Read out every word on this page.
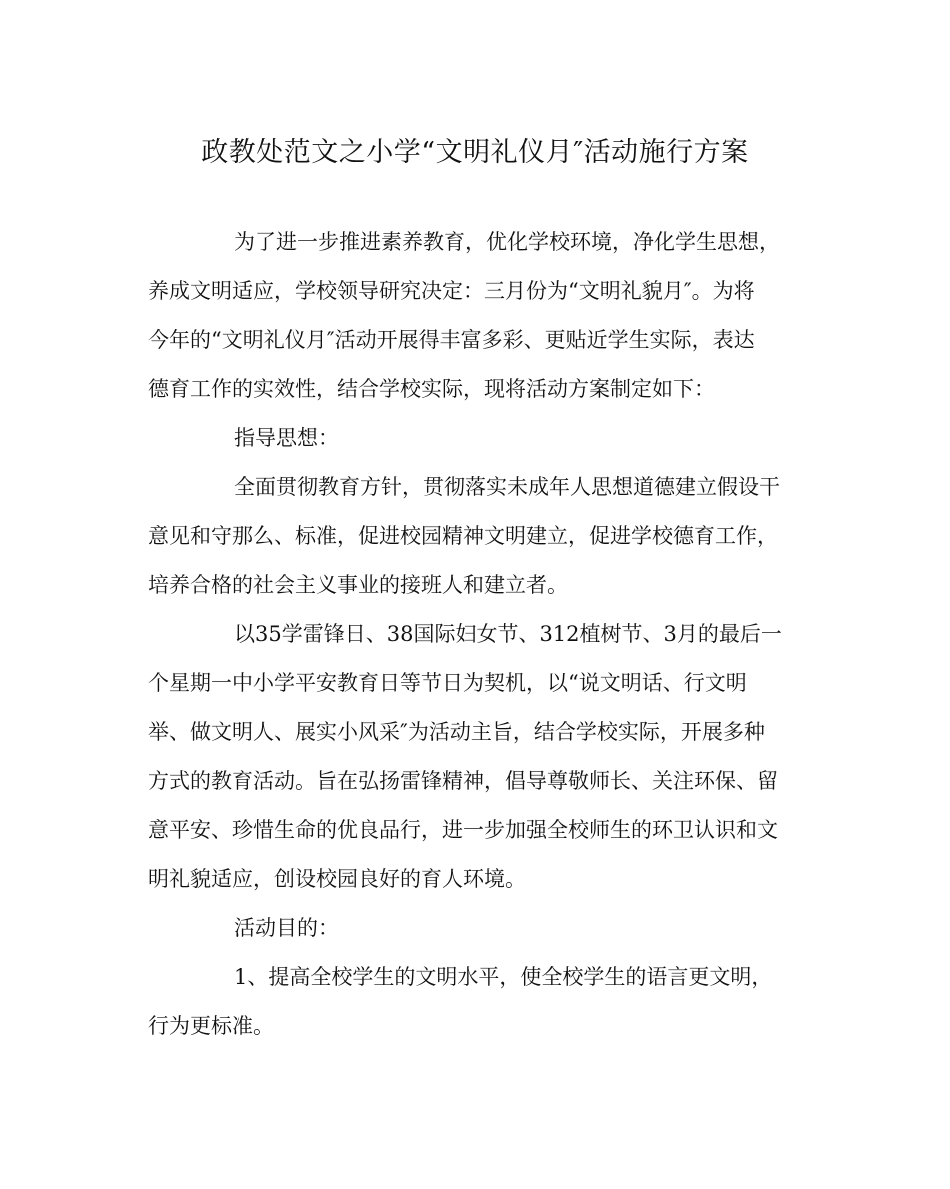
政教处范文之小学“文明礼仪月″活动施行方案
为了进一步推进素养教育，优化学校环境，净化学生思想，
养成文明适应，学校领导研究决定：三月份为“文明礼貌月″。为将
今年的“文明礼仪月″活动开展得丰富多彩、更贴近学生实际，表达
德育工作的实效性，结合学校实际，现将活动方案制定如下：
指导思想：
全面贯彻教育方针，贯彻落实未成年人思想道德建立假设干
意见和守那么、标准，促进校园精神文明建立，促进学校德育工作，
培养合格的社会主义事业的接班人和建立者。
以35学雷锋日、38国际妇女节、312植树节、3月的最后一
个星期一中小学平安教育日等节日为契机，以“说文明话、行文明
举、做文明人、展实小风采″为活动主旨，结合学校实际，开展多种
方式的教育活动。旨在弘扬雷锋精神，倡导尊敬师长、关注环保、留
意平安、珍惜生命的优良品行，进一步加强全校师生的环卫认识和文
明礼貌适应，创设校园良好的育人环境。
活动目的：
1、提高全校学生的文明水平，使全校学生的语言更文明，
行为更标准。
